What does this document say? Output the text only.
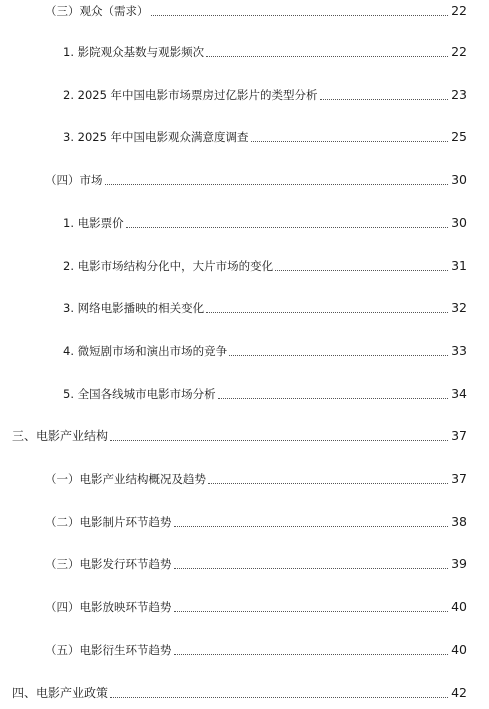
（三）观众（需求）	22
1. 影院观众基数与观影频次	22
2. 2025 年中国电影市场票房过亿影片的类型分析	23
3. 2025 年中国电影观众满意度调查	25
（四）市场	30
1. 电影票价	30
2. 电影市场结构分化中，大片市场的变化	31
3. 网络电影播映的相关变化	32
4. 微短剧市场和演出市场的竞争	33
5. 全国各线城市电影市场分析	34
三、电影产业结构	37
（一）电影产业结构概况及趋势	37
（二）电影制片环节趋势	38
（三）电影发行环节趋势	39
（四）电影放映环节趋势	40
（五）电影衍生环节趋势	40
四、电影产业政策	42
